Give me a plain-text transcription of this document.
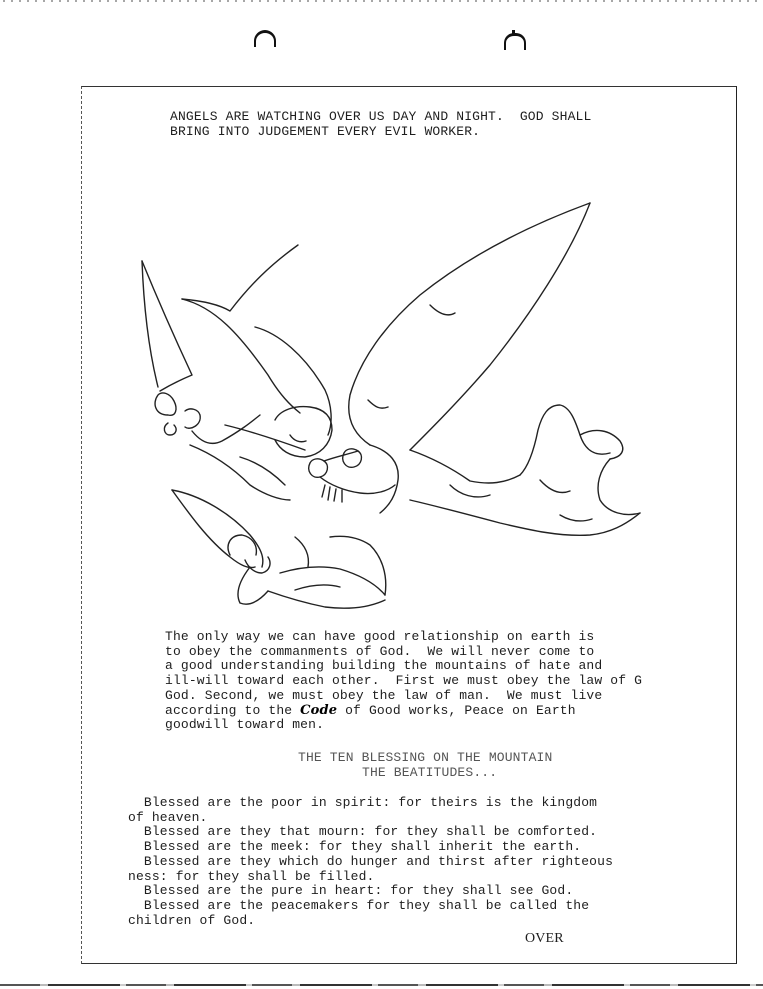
ANGELS ARE WATCHING OVER US DAY AND NIGHT.  GOD SHALL
BRING INTO JUDGEMENT EVERY EVIL WORKER.
The only way we can have good relationship on earth is
to obey the commanments of God.  We will never come to
a good understanding building the mountains of hate and
ill-will toward each other.  First we must obey the law of G
God. Second, we must obey the law of man.  We must live
according to the Code of Good works, Peace on Earth
goodwill toward men.
THE TEN BLESSING ON THE MOUNTAIN
THE BEATITUDES...
Blessed are the poor in spirit: for theirs is the kingdom
of heaven.
Blessed are they that mourn: for they shall be comforted.
Blessed are the meek: for they shall inherit the earth.
Blessed are they which do hunger and thirst after righteous
ness: for they shall be filled.
Blessed are the pure in heart: for they shall see God.
Blessed are the peacemakers for they shall be called the
children of God.
OVER
